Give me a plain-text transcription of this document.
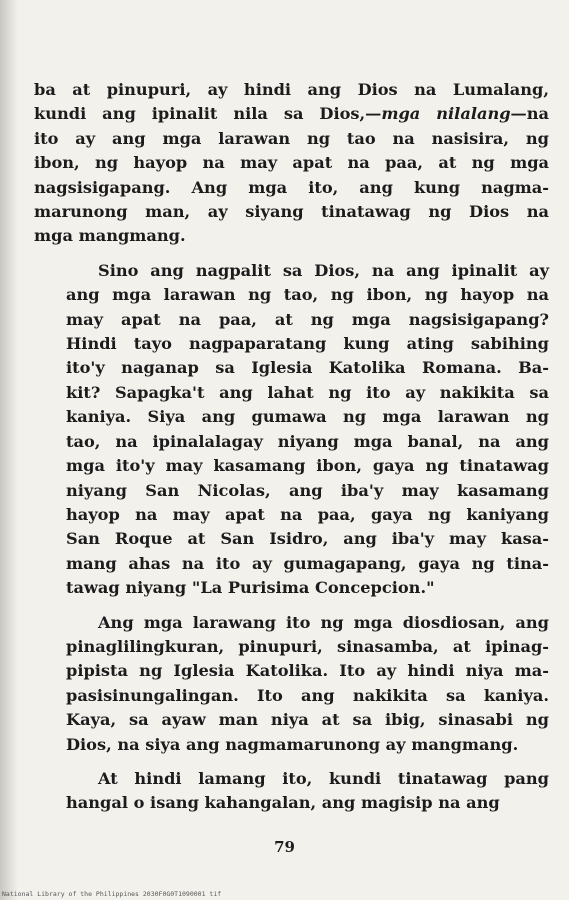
ba at pinupuri, ay hindi ang Dios na Lumalang,
kundi ang ipinalit nila sa Dios,—mga nilalang—na
ito ay ang mga larawan ng tao na nasisira, ng
ibon, ng hayop na may apat na paa, at ng mga
nagsisigapang. Ang mga ito, ang kung nagma-
marunong man, ay siyang tinatawag ng Dios na
mga mangmang.
Sino ang nagpalit sa Dios, na ang ipinalit ay
ang mga larawan ng tao, ng ibon, ng hayop na
may apat na paa, at ng mga nagsisigapang?
Hindi tayo nagpaparatang kung ating sabihing
ito'y naganap sa Iglesia Katolika Romana. Ba-
kit? Sapagka't ang lahat ng ito ay nakikita sa
kaniya. Siya ang gumawa ng mga larawan ng
tao, na ipinalalagay niyang mga banal, na ang
mga ito'y may kasamang ibon, gaya ng tinatawag
niyang San Nicolas, ang iba'y may kasamang
hayop na may apat na paa, gaya ng kaniyang
San Roque at San Isidro, ang iba'y may kasa-
mang ahas na ito ay gumagapang, gaya ng tina-
tawag niyang "La Purisima Concepcion."
Ang mga larawang ito ng mga diosdiosan, ang
pinaglilingkuran, pinupuri, sinasamba, at ipinag-
pipista ng Iglesia Katolika. Ito ay hindi niya ma-
pasisinungalingan. Ito ang nakikita sa kaniya.
Kaya, sa ayaw man niya at sa ibig, sinasabi ng
Dios, na siya ang nagmamarunong ay mangmang.
At hindi lamang ito, kundi tinatawag pang
hangal o isang kahangalan, ang magisip na ang
79
National Library of the Philippines 2030F0G0T1090001 tif
